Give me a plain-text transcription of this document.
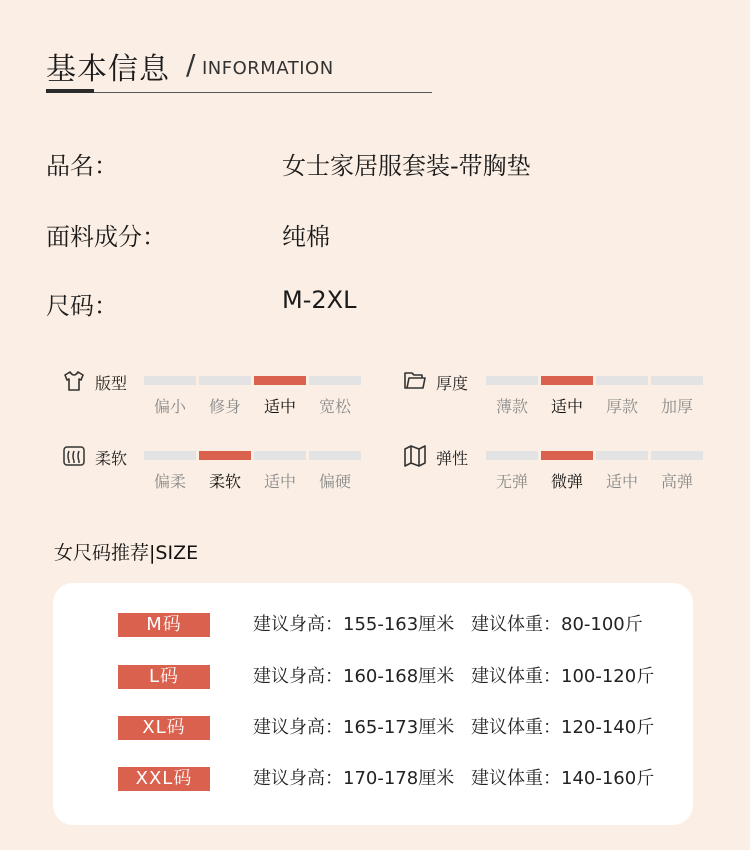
基本信息 / INFORMATION
品名：	女士家居服套装-带胸垫
面料成分：	纯棉
尺码：	M-2XL
版型
偏小	修身	适中	宽松
厚度
薄款	适中	厚款	加厚
柔软
偏柔	柔软	适中	偏硬
弹性
无弹	微弹	适中	高弹
女尺码推荐|SIZE
M码	建议身高：155-163厘米 建议体重：80-100斤
L码	建议身高：160-168厘米 建议体重：100-120斤
XL码	建议身高：165-173厘米 建议体重：120-140斤
XXL码	建议身高：170-178厘米 建议体重：140-160斤
